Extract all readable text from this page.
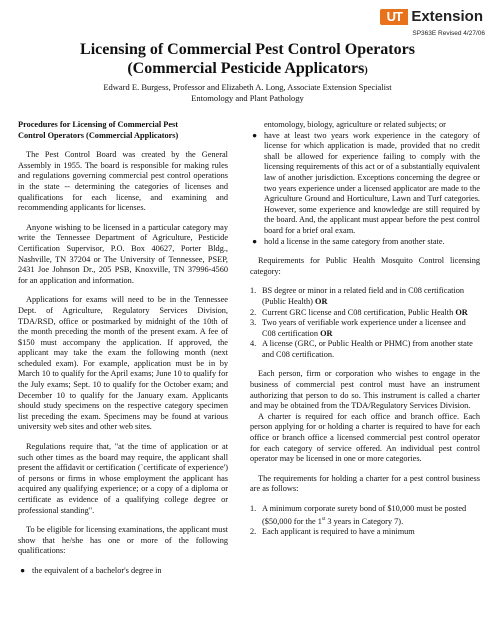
UT Extension
SP363E Revised 4/27/06
Licensing of Commercial Pest Control Operators
(Commercial Pesticide Applicators)
Edward E. Burgess, Professor and Elizabeth A. Long, Associate Extension Specialist
Entomology and Plant Pathology

Procedures for Licensing of Commercial Pest
Control Operators (Commercial Applicators)

The Pest Control Board was created by the General Assembly in 1955. The board is responsible for making rules and regulations governing commercial pest control operations in the state -- determining the categories of licenses and qualifications for each license, and examining and recommending applicants for licenses.

Anyone wishing to be licensed in a particular category may write the Tennessee Department of Agriculture, Pesticide Certification Supervisor, P.O. Box 40627, Porter Bldg., Nashville, TN 37204 or The University of Tennessee, PSEP, 2431 Joe Johnson Dr., 205 PSB, Knoxville, TN 37996-4560 for an application and information.

Applications for exams will need to be in the Tennessee Dept. of Agriculture, Regulatory Services Division, TDA/RSD, office or postmarked by midnight of the 10th of the month preceding the month of the present exam. A fee of $150 must accompany the application. If approved, the applicant may take the exam the following month (next scheduled exam). For example, application must be in by March 10 to qualify for the April exams; June 10 to qualify for the July exams; Sept. 10 to qualify for the October exam; and December 10 to qualify for the January exam. Applicants should study specimens on the respective category specimen list preceding the exam. Specimens may be found at various university web sites and other web sites.

Regulations require that, "at the time of application or at such other times as the board may require, the applicant shall present the affidavit or certification (`certificate of experience') of persons or firms in whose employment the applicant has acquired any qualifying experience; or a copy of a diploma or certificate as evidence of a qualifying college degree or professional standing".

To be eligible for licensing examinations, the applicant must show that he/she has one or more of the following qualifications:

● the equivalent of a bachelor's degree in
entomology, biology, agriculture or related subjects; or
● have at least two years work experience in the category of license for which application is made, provided that no credit shall be allowed for experience failing to comply with the licensing requirements of this act or of a substantially equivalent law of another jurisdiction. Exceptions concerning the degree or two years experience under a licensed applicator are made to the Agriculture Ground and Horticulture, Lawn and Turf categories. However, some experience and knowledge are still required by the board. And, the applicant must appear before the pest control board for a brief oral exam.
● hold a license in the same category from another state.

Requirements for Public Health Mosquito Control licensing category:

1. BS degree or minor in a related field and in C08 certification (Public Health) OR
2. Current GRC license and C08 certification, Public Health OR
3. Two years of verifiable work experience under a licensee and C08 certification OR
4. A license (GRC, or Public Health or PHMC) from another state and C08 certification.

Each person, firm or corporation who wishes to engage in the business of commercial pest control must have an instrument authorizing that person to do so. This instrument is called a charter and may be obtained from the TDA/Regulatory Services Division.

A charter is required for each office and branch office. Each person applying for or holding a charter is required to have for each office or branch office a licensed commercial pest control operator for each category of service offered. An individual pest control operator may be licensed in one or more categories.

The requirements for holding a charter for a pest control business are as follows:

1. A minimum corporate surety bond of $10,000 must be posted ($50,000 for the 1st 3 years in Category 7).
2. Each applicant is required to have a minimum
